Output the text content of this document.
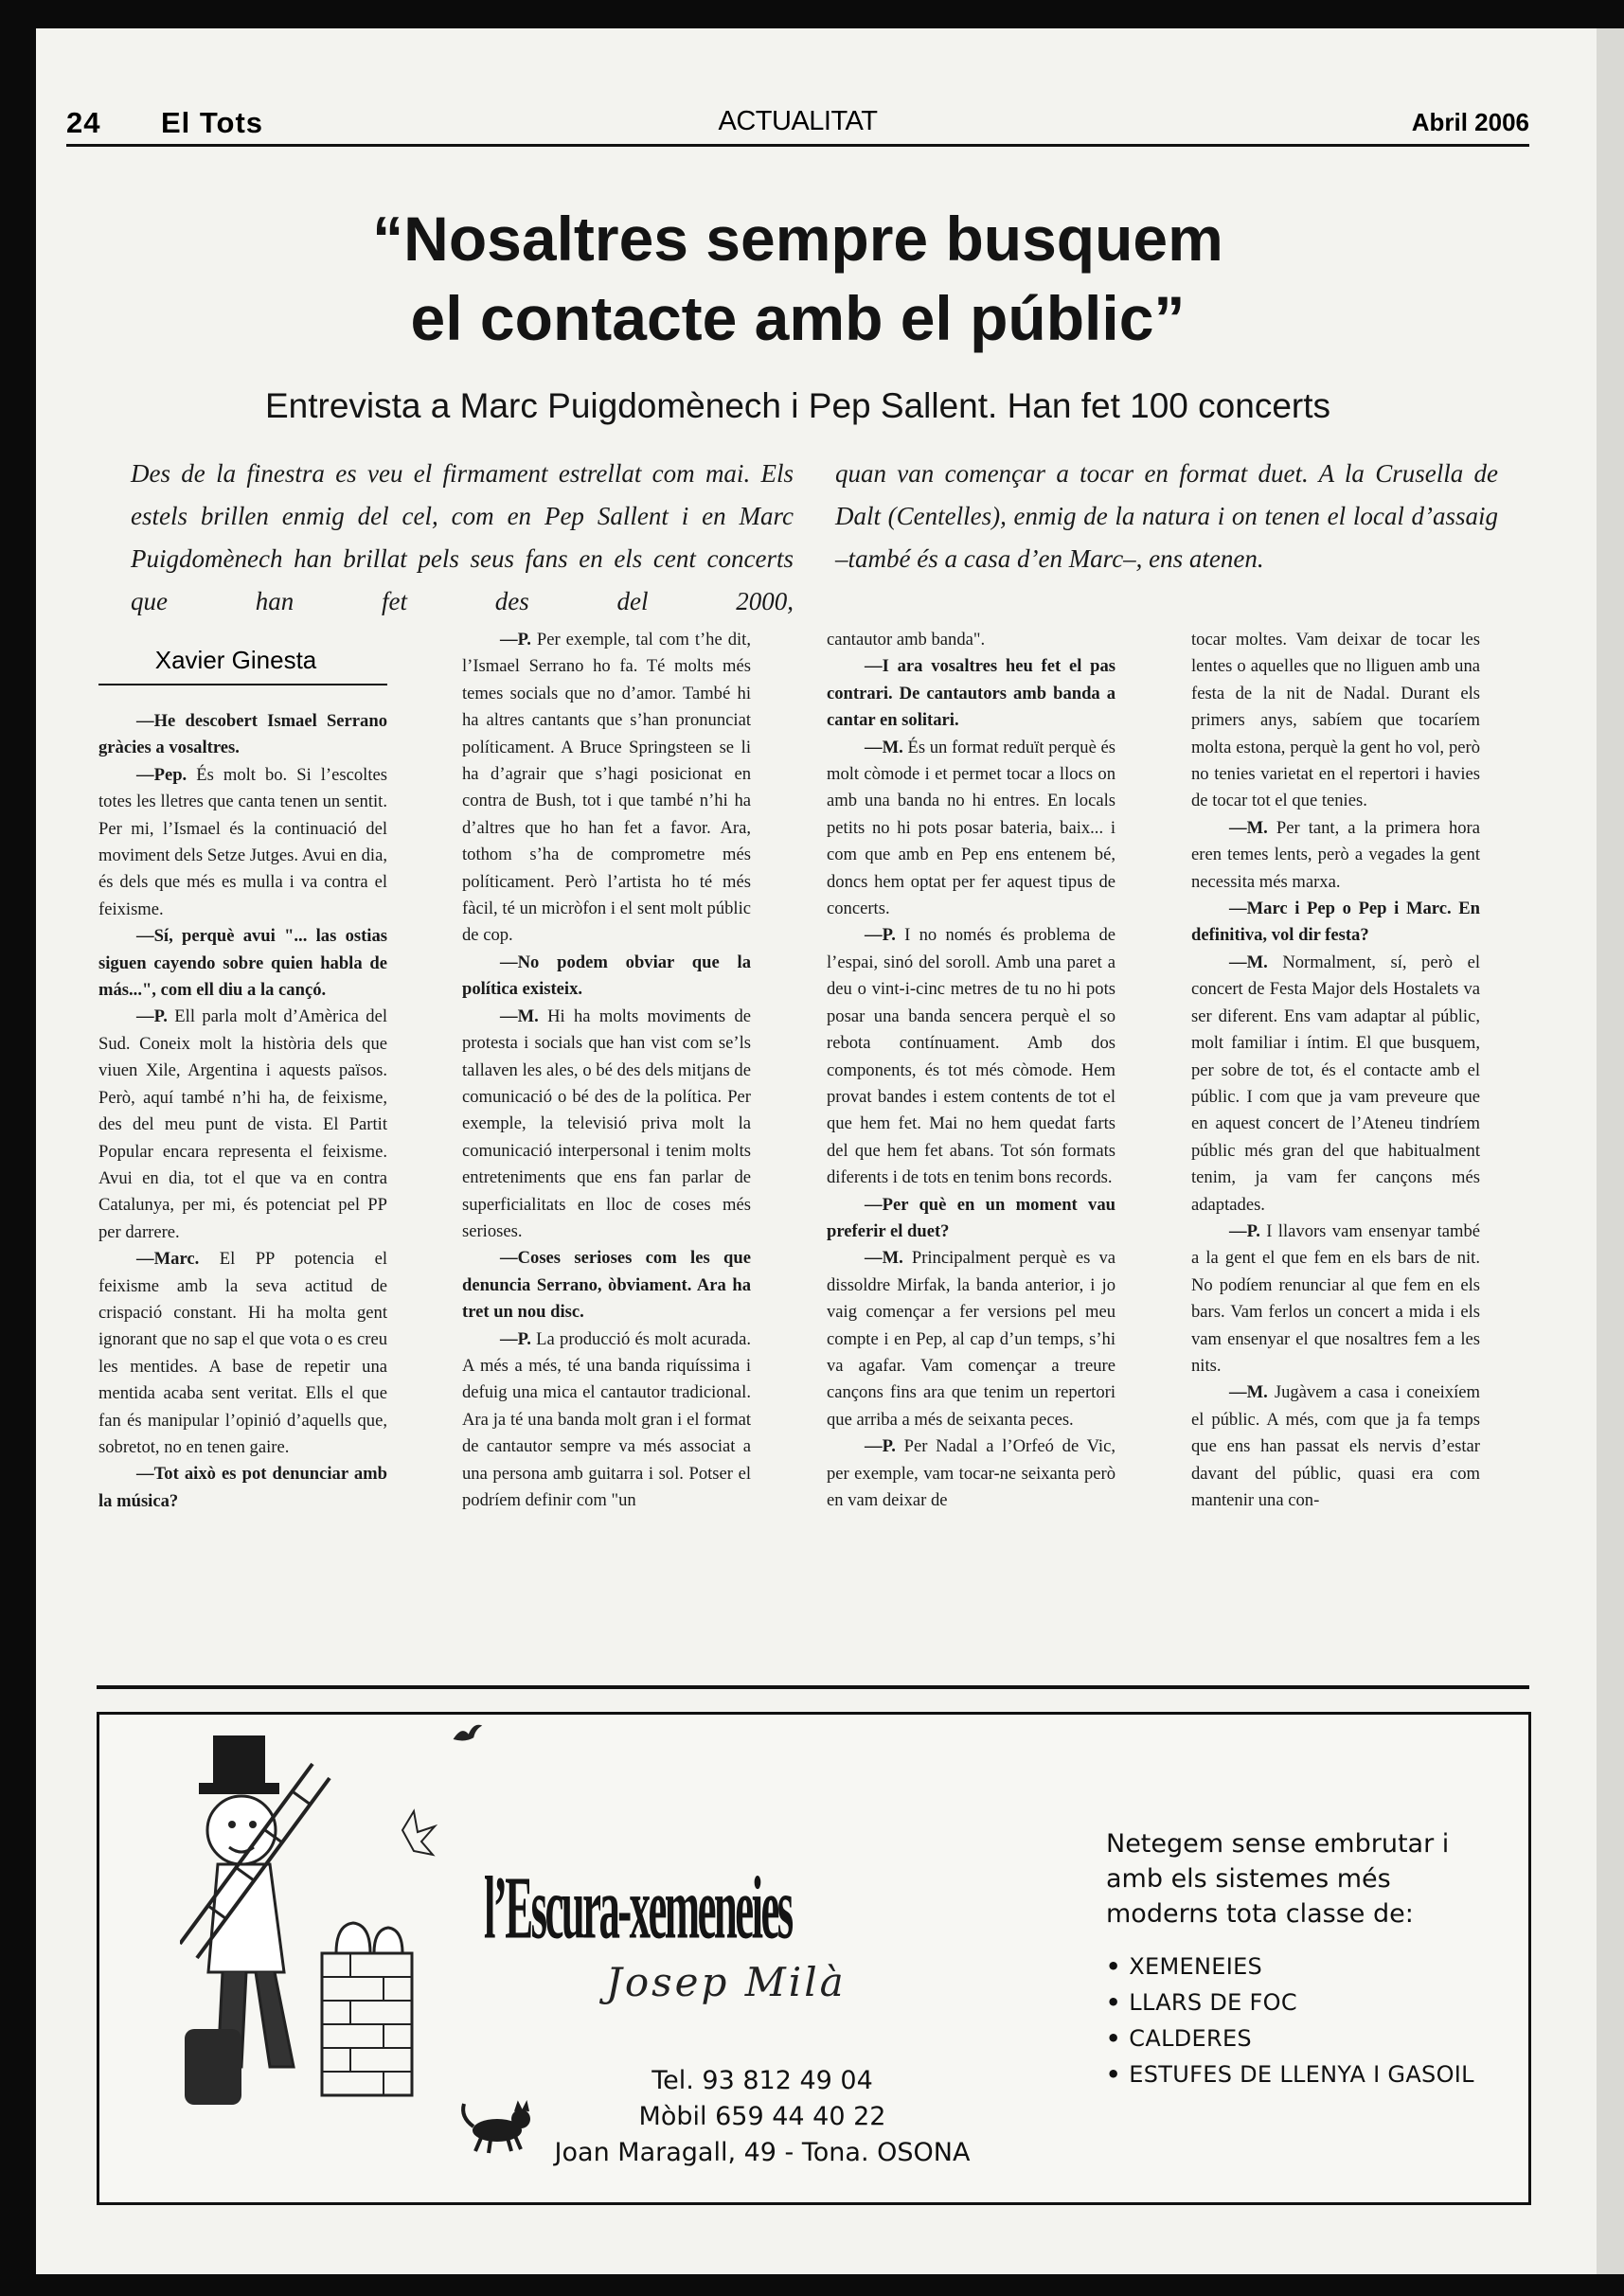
24 El Tots	ACTUALITAT	Abril 2006
“Nosaltres sempre busquem
el contacte amb el públic”
Entrevista a Marc Puigdomènech i Pep Sallent. Han fet 100 concerts
Des de la finestra es veu el firmament estrellat com mai. Els estels brillen enmig del cel, com en Pep Sallent i en Marc Puigdomènech han brillat pels seus fans en els cent concerts que han fet des del 2000,
quan van començar a tocar en format duet. A la Crusella de Dalt (Centelles), enmig de la natura i on tenen el local d’assaig –també és a casa d’en Marc–, ens atenen.
Xavier Ginesta

—He descobert Ismael Serrano gràcies a vosaltres.

—Pep. És molt bo. Si l’escoltes totes les lletres que canta tenen un sentit. Per mi, l’Ismael és la continuació del moviment dels Setze Jutges. Avui en dia, és dels que més es mulla i va contra el feixisme.

—Sí, perquè avui "... las ostias siguen cayendo sobre quien habla de más...", com ell diu a la cançó.

—P. Ell parla molt d’Amèrica del Sud. Coneix molt la història dels que viuen Xile, Argentina i aquests països. Però, aquí també n’hi ha, de feixisme, des del meu punt de vista. El Partit Popular encara representa el feixisme. Avui en dia, tot el que va en contra Catalunya, per mi, és potenciat pel PP per darrere.

—Marc. El PP potencia el feixisme amb la seva actitud de crispació constant. Hi ha molta gent ignorant que no sap el que vota o es creu les mentides. A base de repetir una mentida acaba sent veritat. Ells el que fan és manipular l’opinió d’aquells que, sobretot, no en tenen gaire.

—Tot això es pot denunciar amb la música?

—P. Per exemple, tal com t’he dit, l’Ismael Serrano ho fa. Té molts més temes socials que no d’amor. També hi ha altres cantants que s’han pronunciat políticament. A Bruce Springsteen se li ha d’agrair que s’hagi posicionat en contra de Bush, tot i que també n’hi ha d’altres que ho han fet a favor. Ara, tothom s’ha de comprometre més políticament. Però l’artista ho té més fàcil, té un micròfon i el sent molt públic de cop.

—No podem obviar que la política existeix.

—M. Hi ha molts moviments de protesta i socials que han vist com se’ls tallaven les ales, o bé des dels mitjans de comunicació o bé des de la política. Per exemple, la televisió priva molt la comunicació interpersonal i tenim molts entreteniments que ens fan parlar de superficialitats en lloc de coses més serioses.

—Coses serioses com les que denuncia Serrano, òbviament. Ara ha tret un nou disc.

—P. La producció és molt acurada. A més a més, té una banda riquíssima i defuig una mica el cantautor tradicional. Ara ja té una banda molt gran i el format de cantautor sempre va més associat a una persona amb guitarra i sol. Potser el podríem definir com "un

cantautor amb banda".

—I ara vosaltres heu fet el pas contrari. De cantautors amb banda a cantar en solitari.

—M. És un format reduït perquè és molt còmode i et permet tocar a llocs on amb una banda no hi entres. En locals petits no hi pots posar bateria, baix... i com que amb en Pep ens entenem bé, doncs hem optat per fer aquest tipus de concerts.

—P. I no només és problema de l’espai, sinó del soroll. Amb una paret a deu o vint-i-cinc metres de tu no hi pots posar una banda sencera perquè el so rebota contínuament. Amb dos components, és tot més còmode. Hem provat bandes i estem contents de tot el que hem fet. Mai no hem quedat farts del que hem fet abans. Tot són formats diferents i de tots en tenim bons records.

—Per què en un moment vau preferir el duet?

—M. Principalment perquè es va dissoldre Mirfak, la banda anterior, i jo vaig començar a fer versions pel meu compte i en Pep, al cap d’un temps, s’hi va agafar. Vam començar a treure cançons fins ara que tenim un repertori que arriba a més de seixanta peces.

—P. Per Nadal a l’Orfeó de Vic, per exemple, vam tocar-ne seixanta però en vam deixar de

tocar moltes. Vam deixar de tocar les lentes o aquelles que no lliguen amb una festa de la nit de Nadal. Durant els primers anys, sabíem que tocaríem molta estona, perquè la gent ho vol, però no tenies varietat en el repertori i havies de tocar tot el que tenies.

—M. Per tant, a la primera hora eren temes lents, però a vegades la gent necessita més marxa.

—Marc i Pep o Pep i Marc. En definitiva, vol dir festa?

—M. Normalment, sí, però el concert de Festa Major dels Hostalets va ser diferent. Ens vam adaptar al públic, molt familiar i íntim. El que busquem, per sobre de tot, és el contacte amb el públic. I com que ja vam preveure que en aquest concert de l’Ateneu tindríem públic més gran del que habitualment tenim, ja vam fer cançons més adaptades.

—P. I llavors vam ensenyar també a la gent el que fem en els bars de nit. No podíem renunciar al que fem en els bars. Vam ferlos un concert a mida i els vam ensenyar el que nosaltres fem a les nits.

—M. Jugàvem a casa i coneixíem el públic. A més, com que ja fa temps que ens han passat els nervis d’estar davant del públic, quasi era com mantenir una con-

l’Escura-xemeneies
Josep Milà
Tel. 93 812 49 04
Mòbil 659 44 40 22
Joan Maragall, 49 - Tona. OSONA
Netegem sense embrutar i amb els sistemes més moderns tota classe de:
• XEMENEIES
• LLARS DE FOC
• CALDERES
• ESTUFES DE LLENYA I GASOIL
